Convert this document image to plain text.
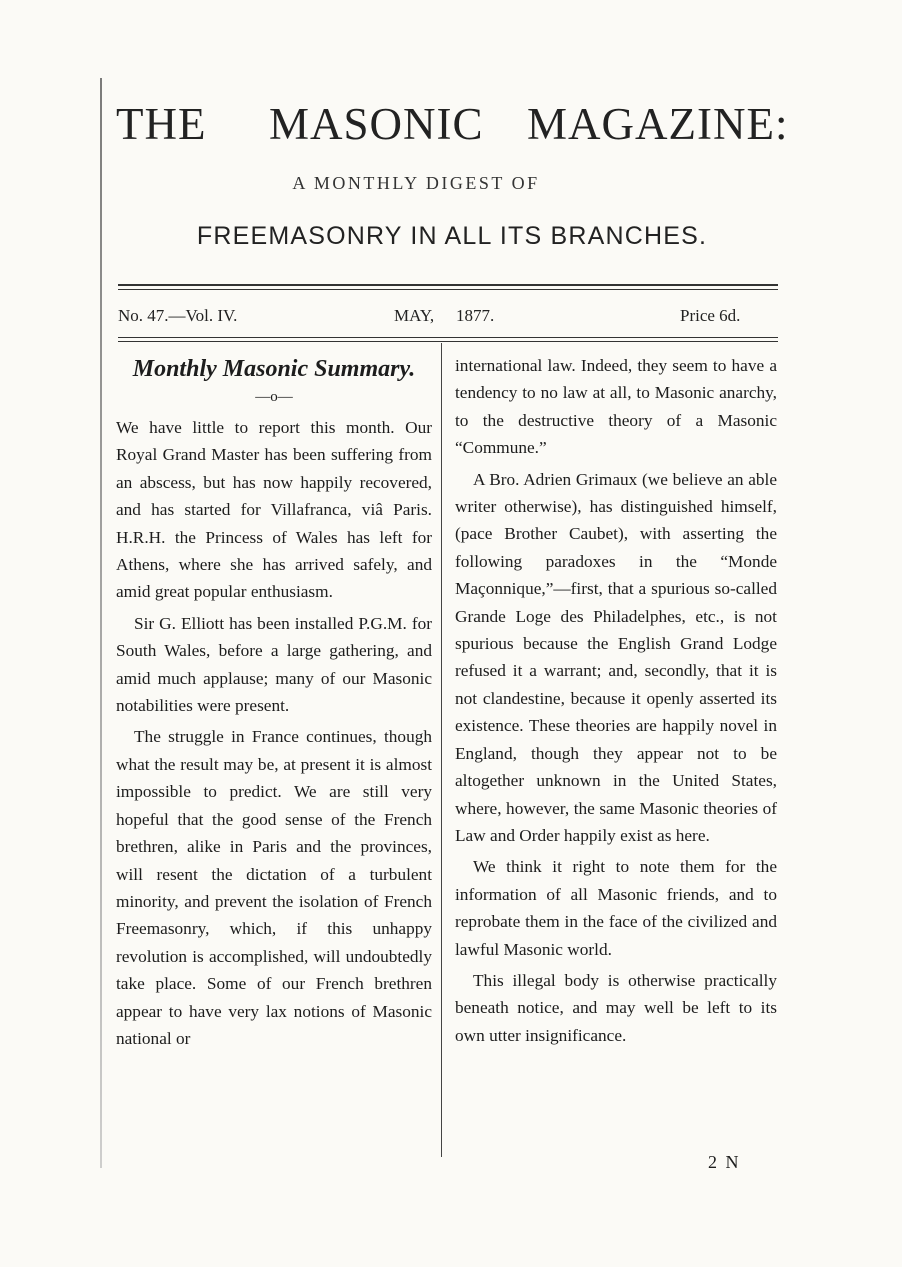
THE MASONIC MAGAZINE:
A MONTHLY DIGEST OF
FREEMASONRY IN ALL ITS BRANCHES.
No. 47.—Vol. IV.	MAY, 1877.	Price 6d.
Monthly Masonic Summary.
—o—

We have little to report this month. Our Royal Grand Master has been suffering from an abscess, but has now happily recovered, and has started for Villafranca, viâ Paris. H.R.H. the Princess of Wales has left for Athens, where she has arrived safely, and amid great popular enthusiasm.

Sir G. Elliott has been installed P.G.M. for South Wales, before a large gathering, and amid much applause; many of our Masonic notabilities were present.

The struggle in France continues, though what the result may be, at present it is almost impossible to predict. We are still very hopeful that the good sense of the French brethren, alike in Paris and the provinces, will resent the dictation of a turbulent minority, and prevent the isolation of French Freemasonry, which, if this unhappy revolution is accomplished, will undoubtedly take place. Some of our French brethren appear to have very lax notions of Masonic national or

international law. Indeed, they seem to have a tendency to no law at all, to Masonic anarchy, to the destructive theory of a Masonic “Commune.”

A Bro. Adrien Grimaux (we believe an able writer otherwise), has distinguished himself, (pace Brother Caubet), with asserting the following paradoxes in the “Monde Maçonnique,”—first, that a spurious so-called Grande Loge des Philadelphes, etc., is not spurious because the English Grand Lodge refused it a warrant; and, secondly, that it is not clandestine, because it openly asserted its existence. These theories are happily novel in England, though they appear not to be altogether unknown in the United States, where, however, the same Masonic theories of Law and Order happily exist as here.

We think it right to note them for the information of all Masonic friends, and to reprobate them in the face of the civilized and lawful Masonic world.

This illegal body is otherwise practically beneath notice, and may well be left to its own utter insignificance.

2 N
